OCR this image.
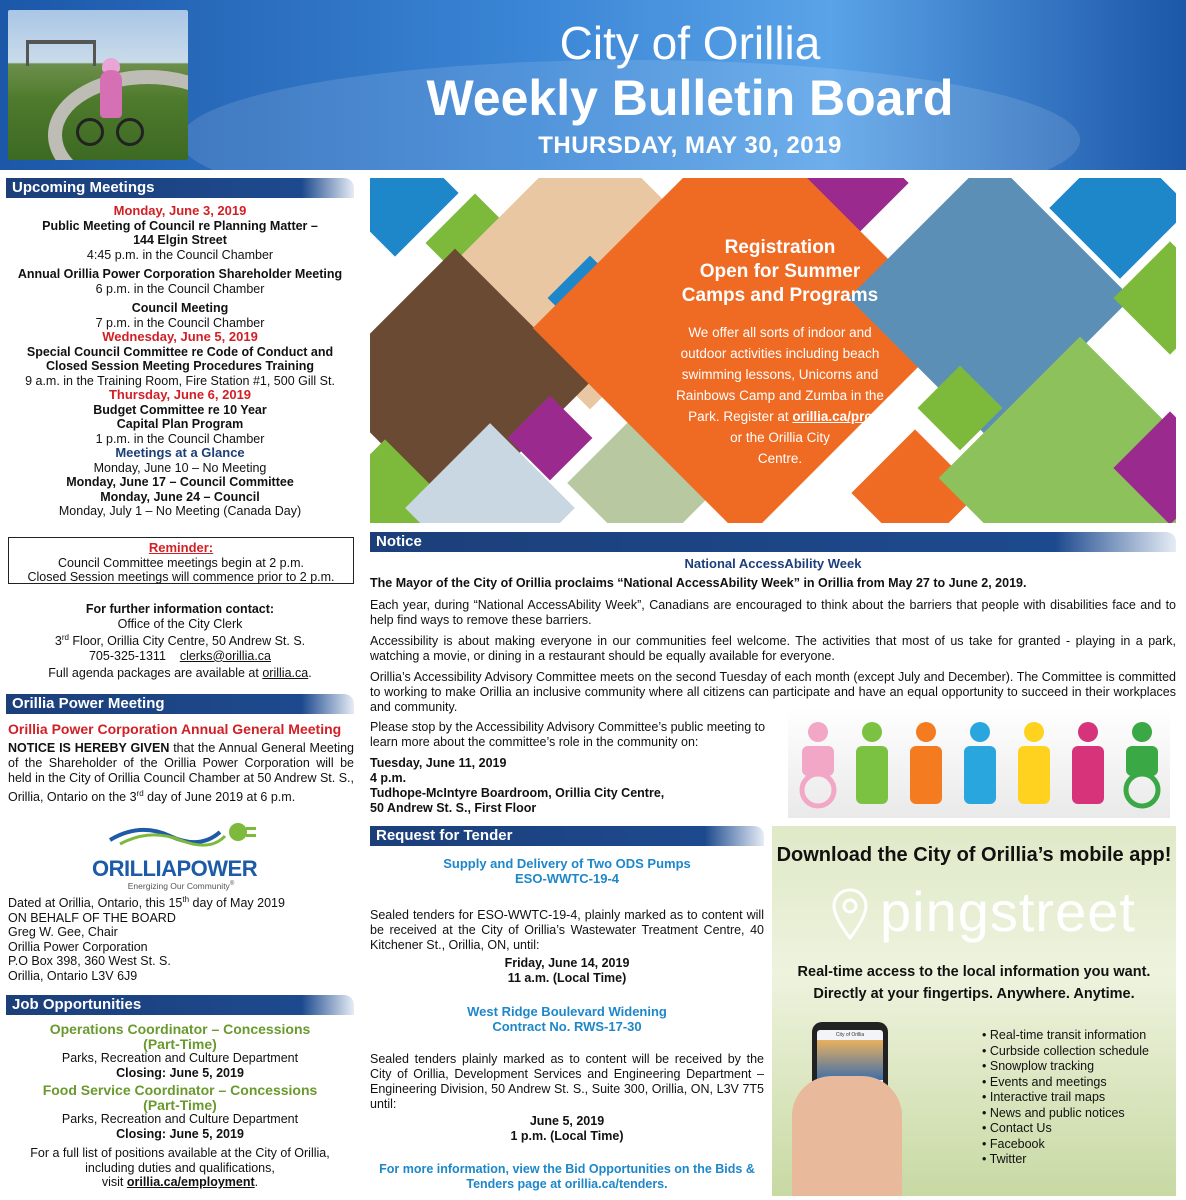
City of Orillia
Weekly Bulletin Board
THURSDAY, MAY 30, 2019
Upcoming Meetings
Monday, June 3, 2019
Public Meeting of Council re Planning Matter –
144 Elgin Street
4:45 p.m. in the Council Chamber
Annual Orillia Power Corporation Shareholder Meeting
6 p.m. in the Council Chamber
Council Meeting
7 p.m. in the Council Chamber
Wednesday, June 5, 2019
Special Council Committee re Code of Conduct and
Closed Session Meeting Procedures Training
9 a.m. in the Training Room, Fire Station #1, 500 Gill St.
Thursday, June 6, 2019
Budget Committee re 10 Year
Capital Plan Program
1 p.m. in the Council Chamber
Meetings at a Glance
Monday, June 10 – No Meeting
Monday, June 17 – Council Committee
Monday, June 24 – Council
Monday, July 1 – No Meeting (Canada Day)
Reminder:
Council Committee meetings begin at 2 p.m.
Closed Session meetings will commence prior to 2 p.m.
For further information contact:
Office of the City Clerk
3rd Floor, Orillia City Centre, 50 Andrew St. S.
705-325-1311 clerks@orillia.ca
Full agenda packages are available at orillia.ca.
Orillia Power Meeting
Orillia Power Corporation Annual General Meeting
NOTICE IS HEREBY GIVEN that the Annual General Meeting of the Shareholder of the Orillia Power Corporation will be held in the City of Orillia Council Chamber at 50 Andrew St. S., Orillia, Ontario on the 3rd day of June 2019 at 6 p.m.
ORILLIAPOWER
Energizing Our Community®
Dated at Orillia, Ontario, this 15th day of May 2019
ON BEHALF OF THE BOARD
Greg W. Gee, Chair
Orillia Power Corporation
P.O Box 398, 360 West St. S.
Orillia, Ontario L3V 6J9
Job Opportunities
Operations Coordinator – Concessions
(Part-Time)
Parks, Recreation and Culture Department
Closing: June 5, 2019
Food Service Coordinator – Concessions
(Part-Time)
Parks, Recreation and Culture Department
Closing: June 5, 2019
For a full list of positions available at the City of Orillia,
including duties and qualifications,
visit orillia.ca/employment.
Registration
Open for Summer
Camps and Programs
We offer all sorts of indoor and
outdoor activities including beach
swimming lessons, Unicorns and
Rainbows Camp and Zumba in the
Park. Register at orillia.ca/prc
or the Orillia City
Centre.
Notice
National AccessAbility Week
The Mayor of the City of Orillia proclaims “National AccessAbility Week” in Orillia from May 27 to June 2, 2019.
Each year, during “National AccessAbility Week”, Canadians are encouraged to think about the barriers that people with disabilities face and to help find ways to remove these barriers.
Accessibility is about making everyone in our communities feel welcome. The activities that most of us take for granted - playing in a park, watching a movie, or dining in a restaurant should be equally available for everyone.
Orillia’s Accessibility Advisory Committee meets on the second Tuesday of each month (except July and December). The Committee is committed to working to make Orillia an inclusive community where all citizens can participate and have an equal opportunity to succeed in their workplaces and community.
Please stop by the Accessibility Advisory Committee’s public meeting to learn more about the committee’s role in the community on:
Tuesday, June 11, 2019
4 p.m.
Tudhope-McIntyre Boardroom, Orillia City Centre,
50 Andrew St. S., First Floor
Request for Tender
Supply and Delivery of Two ODS Pumps
ESO-WWTC-19-4
Sealed tenders for ESO-WWTC-19-4, plainly marked as to content will be received at the City of Orillia’s Wastewater Treatment Centre, 40 Kitchener St., Orillia, ON, until:
Friday, June 14, 2019
11 a.m. (Local Time)
West Ridge Boulevard Widening
Contract No. RWS-17-30
Sealed tenders plainly marked as to content will be received by the City of Orillia, Development Services and Engineering Department – Engineering Division, 50 Andrew St. S., Suite 300, Orillia, ON, L3V 7T5 until:
June 5, 2019
1 p.m. (Local Time)
For more information, view the Bid Opportunities on the Bids &
Tenders page at orillia.ca/tenders.
Download the City of Orillia’s mobile app!
pingstreet
Real-time access to the local information you want.
Directly at your fingertips. Anywhere. Anytime.
City of Orillia
•	Real-time transit information
• Curbside collection schedule
• Snowplow tracking
• Events and meetings
• Interactive trail maps
• News and public notices
• Contact Us
• Facebook
• Twitter
